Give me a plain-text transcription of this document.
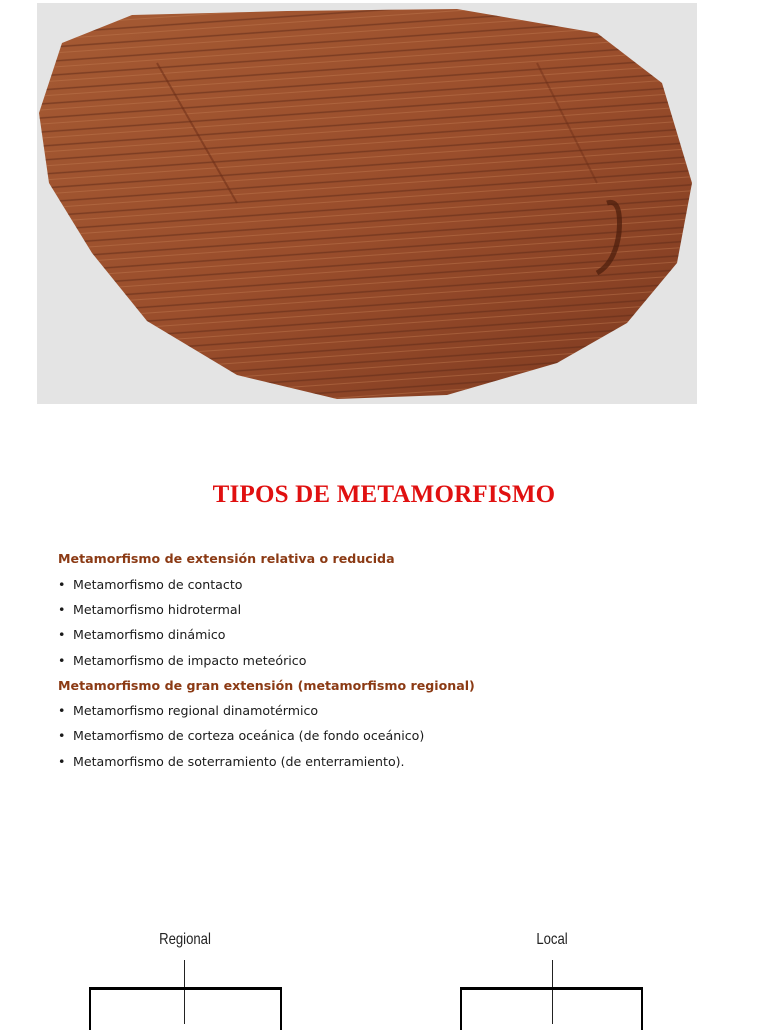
TIPOS DE METAMORFISMO
Metamorfismo de extensión relativa o reducida
• Metamorfismo de contacto
• Metamorfismo hidrotermal
• Metamorfismo dinámico
• Metamorfismo de impacto meteórico
Metamorfismo de gran extensión (metamorfismo regional)
• Metamorfismo regional dinamotérmico
• Metamorfismo de corteza oceánica (de fondo oceánico)
• Metamorfismo de soterramiento (de enterramiento).
Regional	Local
